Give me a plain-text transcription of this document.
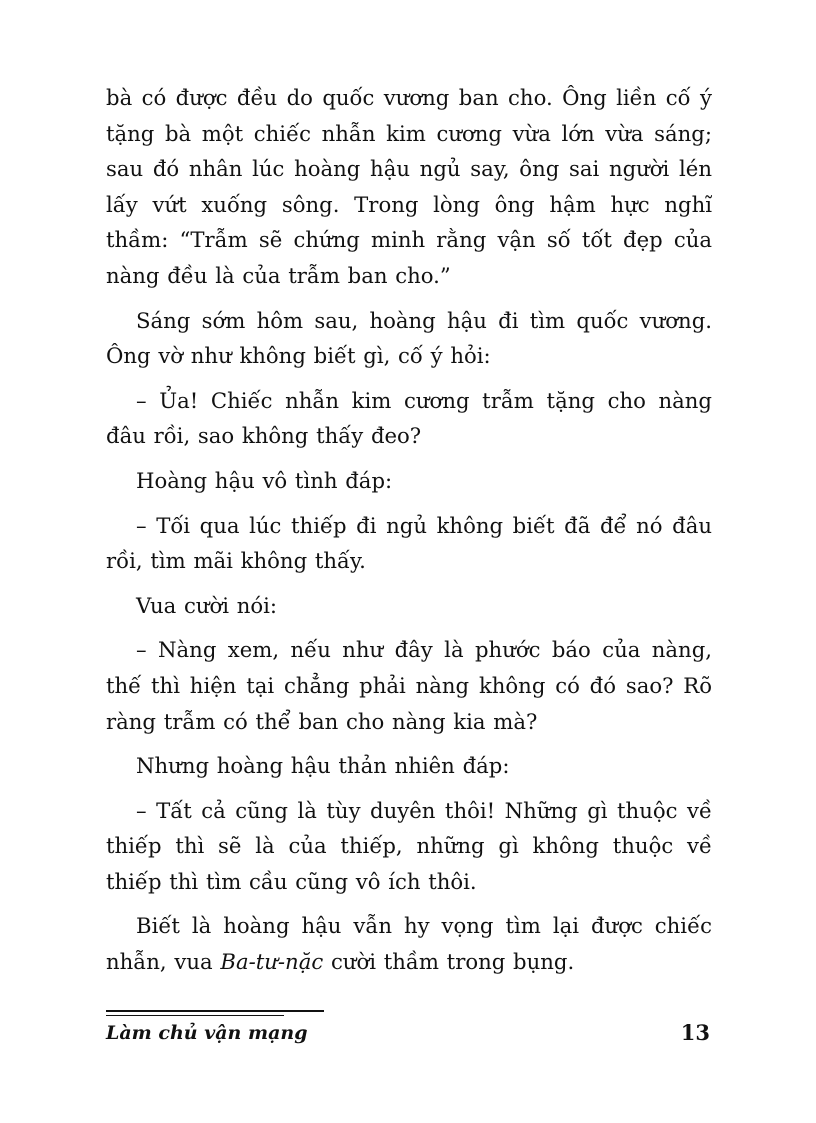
bà có được đều do quốc vương ban cho. Ông liền cố ý tặng bà một chiếc nhẫn kim cương vừa lớn vừa sáng; sau đó nhân lúc hoàng hậu ngủ say, ông sai người lén lấy vứt xuống sông. Trong lòng ông hậm hực nghĩ thầm: “Trẫm sẽ chứng minh rằng vận số tốt đẹp của nàng đều là của trẫm ban cho.”

Sáng sớm hôm sau, hoàng hậu đi tìm quốc vương. Ông vờ như không biết gì, cố ý hỏi:

– Ủa! Chiếc nhẫn kim cương trẫm tặng cho nàng đâu rồi, sao không thấy đeo?

Hoàng hậu vô tình đáp:

– Tối qua lúc thiếp đi ngủ không biết đã để nó đâu rồi, tìm mãi không thấy.

Vua cười nói:

– Nàng xem, nếu như đây là phước báo của nàng, thế thì hiện tại chẳng phải nàng không có đó sao? Rõ ràng trẫm có thể ban cho nàng kia mà?

Nhưng hoàng hậu thản nhiên đáp:

– Tất cả cũng là tùy duyên thôi! Những gì thuộc về thiếp thì sẽ là của thiếp, những gì không thuộc về thiếp thì tìm cầu cũng vô ích thôi.

Biết là hoàng hậu vẫn hy vọng tìm lại được chiếc nhẫn, vua Ba-tư-nặc cười thầm trong bụng.

Làm chủ vận mạng	13
